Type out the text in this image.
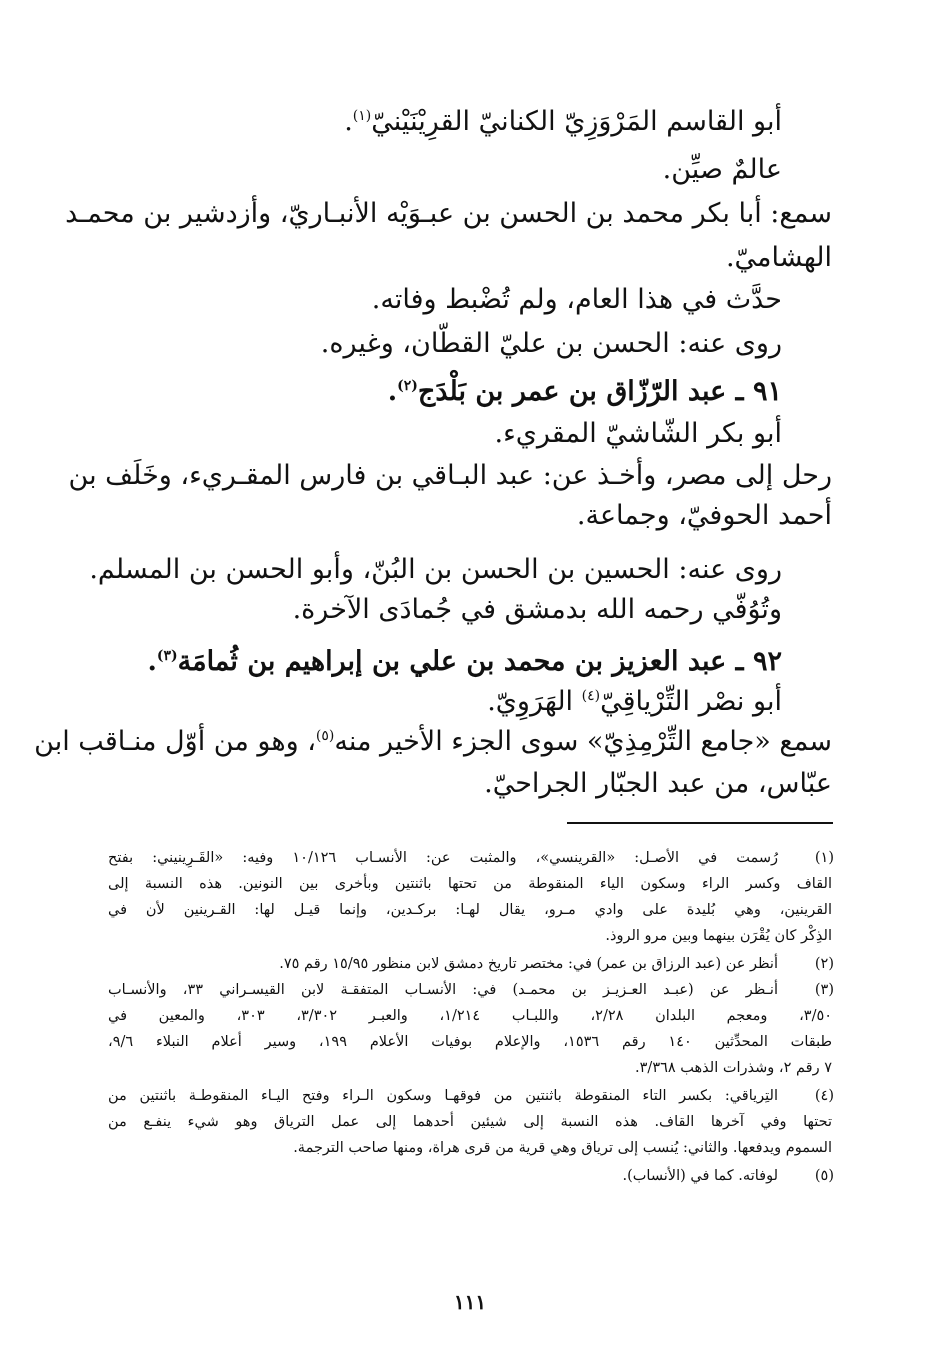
أبو القاسم المَرْوَزِيّ الكنانيّ القرِيْنَيْنيّ$^{(١)}$.
عالمٌ صيِّن.
سمع: أبا بكر محمد بن الحسن بن عبـوَيْه الأنبـاريّ، وأزدشير بن محمـد
الهشاميّ.
حدَّث في هذا العام، ولم تُضْبط وفاته.
روى عنه: الحسن بن عليّ القطّان، وغيره.
٩١ ـ عبد الرّزّاق بن عمر بن بَلْدَج$^{(٢)}$.
أبو بكر الشّاشيّ المقريء.
رحل إلى مصر، وأخـذ عن: عبد البـاقي بن فارس المقـريء، وخَلَف بن
أحمد الحوفيّ، وجماعة.
روى عنه: الحسين بن الحسن بن البُنّ، وأبو الحسن بن المسلم.
وتُوُفّي رحمه الله بدمشق في جُمادَى الآخرة.
٩٢ ـ عبد العزيز بن محمد بن علي بن إبراهيم بن ثُمامَة$^{(٣)}$.
أبو نصْر التِّرْياقِيّ$^{(٤)}$ الهَرَوِيّ.
سمع «جامع التِّرْمِذِيّ» سوى الجزء الأخير منه$^{(٥)}$، وهو من أوّل منـاقب ابن
عبّاس، من عبد الجبّار الجراحيّ.
(١)
رُسمت في الأصـل: «القرينسي»، والمثبت عن: الأنسـاب ١٠/١٢٦ وفيه: «القَـرِينيني: بفتح
القاف وكسر الراء وسكون الياء المنقوطة من تحتها باثنتين وبأخرى بين النونين. هذه النسبة إلى
القرينين، وهي بُليدة على وادي مـرو، يقال لهـا: بركـدين، وإنما قيـل لها: القـرينين لأن في
الذِكْر كان يُقْرَن بينهما وبين مرو الروذ.
(٢)
أنظر عن (عبد الرزاق بن عمر) في: مختصر تاريخ دمشق لابن منظور ١٥/٩٥ رقم ٧٥.
(٣)
أنـظر عن (عبـد العـزيـز بن محمـد) في: الأنسـاب المتفقـة لابن القيسـراني ٣٣، والأنسـاب
٣/٥٠، ومعجم البلدان ٢/٢٨، واللبـاب ١/٢١٤، والعبـر ٣/٣٠٢، ٣٠٣، والمعين في
طبقات المحدِّثين ١٤٠ رقم ١٥٣٦، والإعلام بوفيات الأعلام ١٩٩، وسير أعلام النبلاء ٩/٦،
٧ رقم ٢، وشذرات الذهب ٣/٣٦٨.
(٤)
التِرياقي: بكسر التاء المنقوطة باثنتين من فوقهـا وسكون الـراء وفتح اليـاء المنقوطـة باثنتين من
تحتها وفي آخرها القاف. هذه النسبة إلى شيئين أحدهما إلى عمل الترياق وهو شيء ينفـع من
السموم ويدفعها. والثاني: يُنسب إلى ترياق وهي قرية من قرى هراة، ومنها صاحب الترجمة.
(٥)
لوفاته. كما في (الأنساب).
١١١
